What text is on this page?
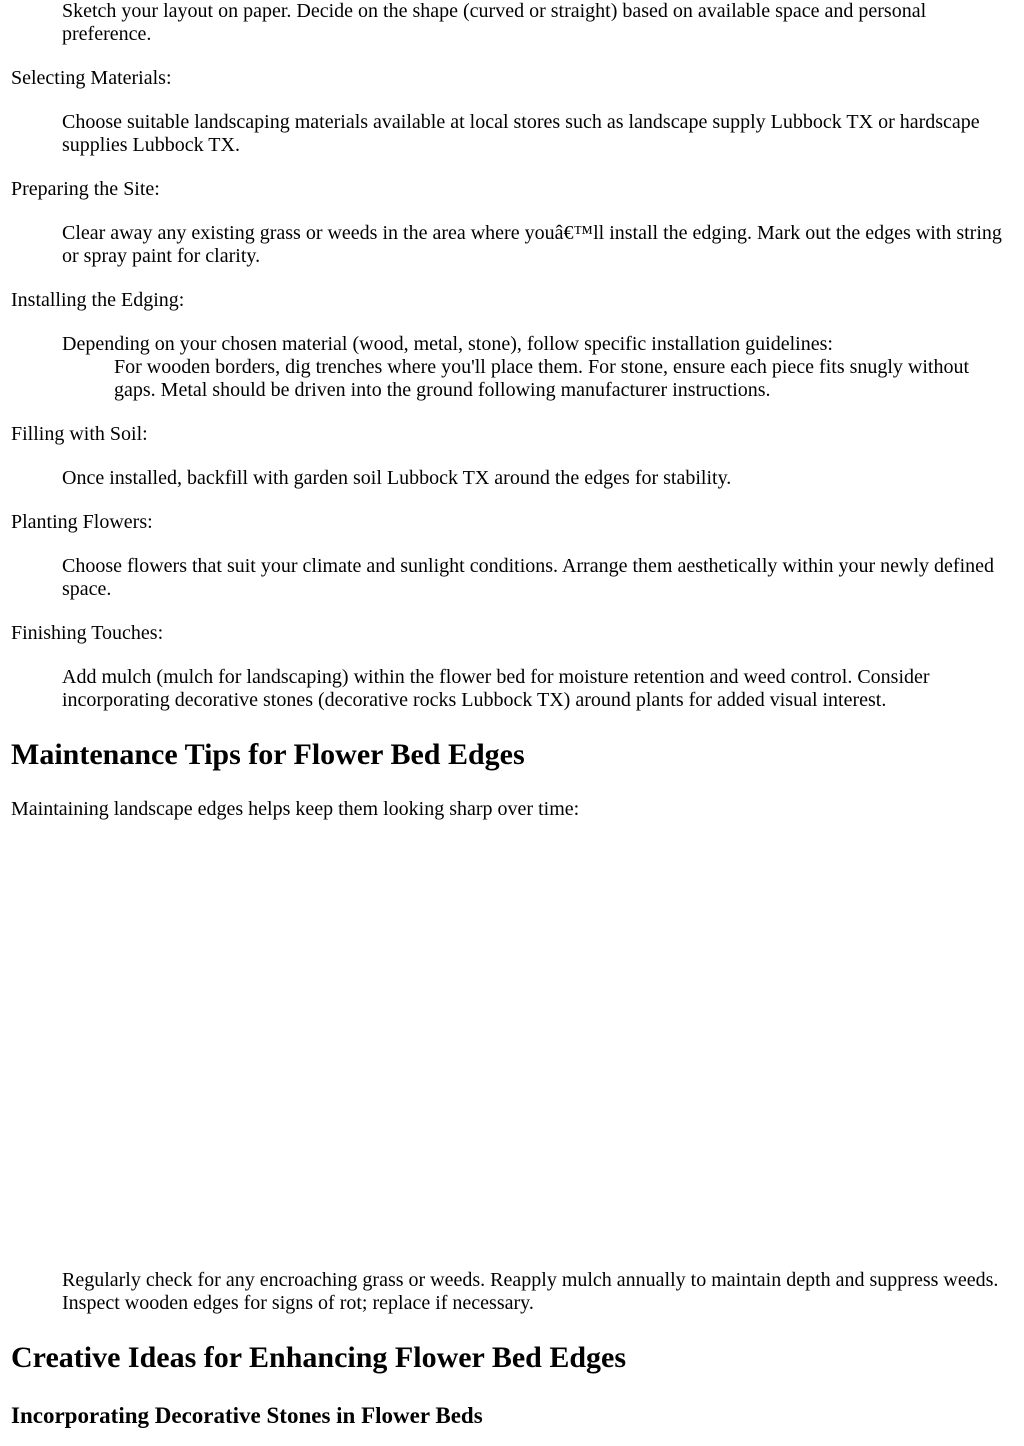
Sketch your layout on paper. Decide on the shape (curved or straight) based on available space and personal preference.

Selecting Materials:

Choose suitable landscaping materials available at local stores such as landscape supply Lubbock TX or hardscape supplies Lubbock TX.

Preparing the Site:

Clear away any existing grass or weeds in the area where youâ€™ll install the edging. Mark out the edges with string or spray paint for clarity.

Installing the Edging:

Depending on your chosen material (wood, metal, stone), follow specific installation guidelines:

For wooden borders, dig trenches where you'll place them. For stone, ensure each piece fits snugly without gaps. Metal should be driven into the ground following manufacturer instructions.

Filling with Soil:

Once installed, backfill with garden soil Lubbock TX around the edges for stability.

Planting Flowers:

Choose flowers that suit your climate and sunlight conditions. Arrange them aesthetically within your newly defined space.

Finishing Touches:

Add mulch (mulch for landscaping) within the flower bed for moisture retention and weed control. Consider incorporating decorative stones (decorative rocks Lubbock TX) around plants for added visual interest.

Maintenance Tips for Flower Bed Edges

Maintaining landscape edges helps keep them looking sharp over time:

Regularly check for any encroaching grass or weeds. Reapply mulch annually to maintain depth and suppress weeds. Inspect wooden edges for signs of rot; replace if necessary.

Creative Ideas for Enhancing Flower Bed Edges
Incorporating Decorative Stones in Flower Beds
